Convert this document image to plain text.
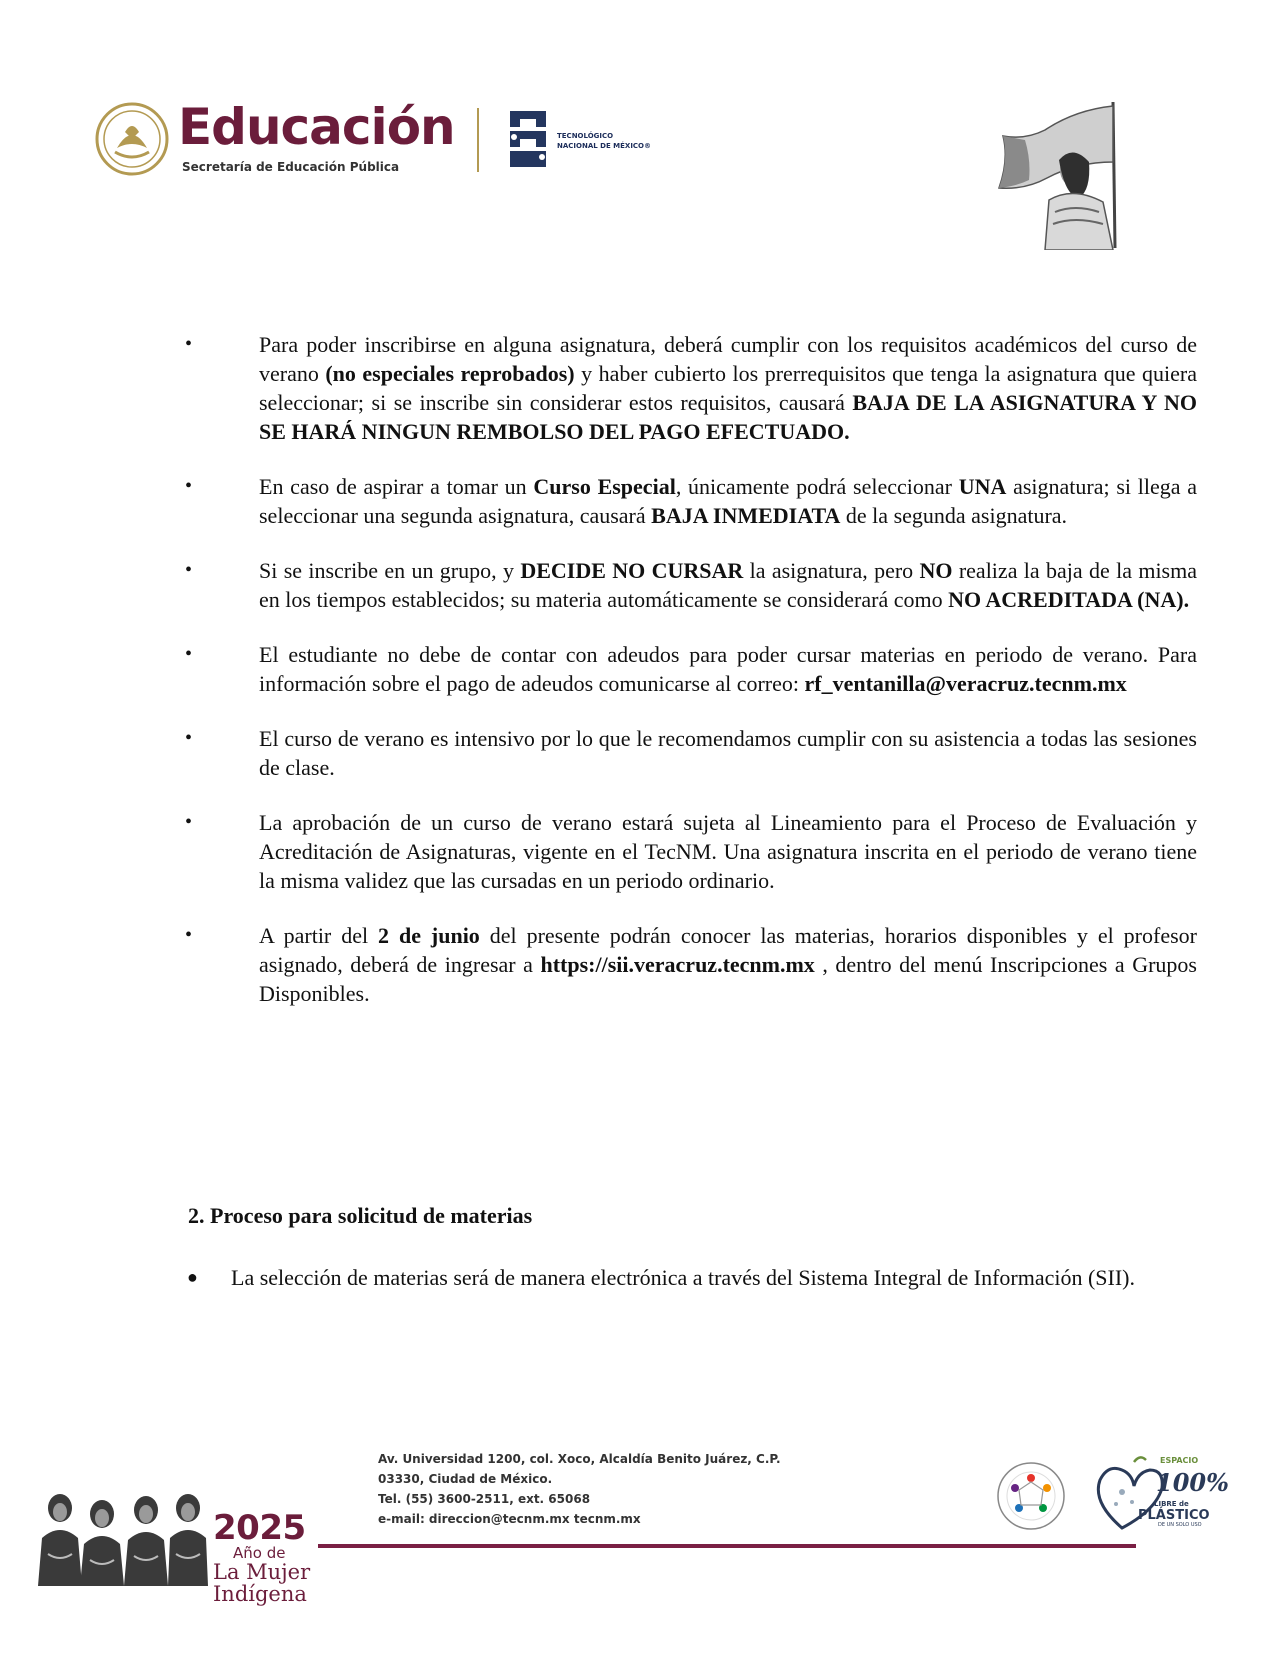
Educación
Secretaría de Educación Pública
TECNOLÓGICO
NACIONAL DE MÉXICO®
•	Para poder inscribirse en alguna asignatura, deberá cumplir con los requisitos académicos del curso de verano (no especiales reprobados) y haber cubierto los prerrequisitos que tenga la asignatura que quiera seleccionar; si se inscribe sin considerar estos requisitos, causará BAJA DE LA ASIGNATURA Y NO SE HARÁ NINGUN REMBOLSO DEL PAGO EFECTUADO.
•	En caso de aspirar a tomar un Curso Especial, únicamente podrá seleccionar UNA asignatura; si llega a seleccionar una segunda asignatura, causará BAJA INMEDIATA de la segunda asignatura.
•	Si se inscribe en un grupo, y DECIDE NO CURSAR la asignatura, pero NO realiza la baja de la misma en los tiempos establecidos; su materia automáticamente se considerará como NO ACREDITADA (NA).
•	El estudiante no debe de contar con adeudos para poder cursar materias en periodo de verano. Para información sobre el pago de adeudos comunicarse al correo: rf_ventanilla@veracruz.tecnm.mx
•	El curso de verano es intensivo por lo que le recomendamos cumplir con su asistencia a todas las sesiones de clase.
•	La aprobación de un curso de verano estará sujeta al Lineamiento para el Proceso de Evaluación y Acreditación de Asignaturas, vigente en el TecNM. Una asignatura inscrita en el periodo de verano tiene la misma validez que las cursadas en un periodo ordinario.
•	A partir del 2 de junio del presente podrán conocer las materias, horarios disponibles y el profesor asignado, deberá de ingresar a https://sii.veracruz.tecnm.mx , dentro del menú Inscripciones a Grupos Disponibles.
2. Proceso para solicitud de materias
●	La selección de materias será de manera electrónica a través del Sistema Integral de Información (SII).
2025
Año de
La Mujer
Indígena
Av. Universidad 1200, col. Xoco, Alcaldía Benito Juárez, C.P.
03330, Ciudad de México.
Tel. (55) 3600-2511, ext. 65068
e-mail: direccion@tecnm.mx tecnm.mx
ESPACIO
100%
LIBRE de
PLÁSTICO
DE UN SOLO USO
